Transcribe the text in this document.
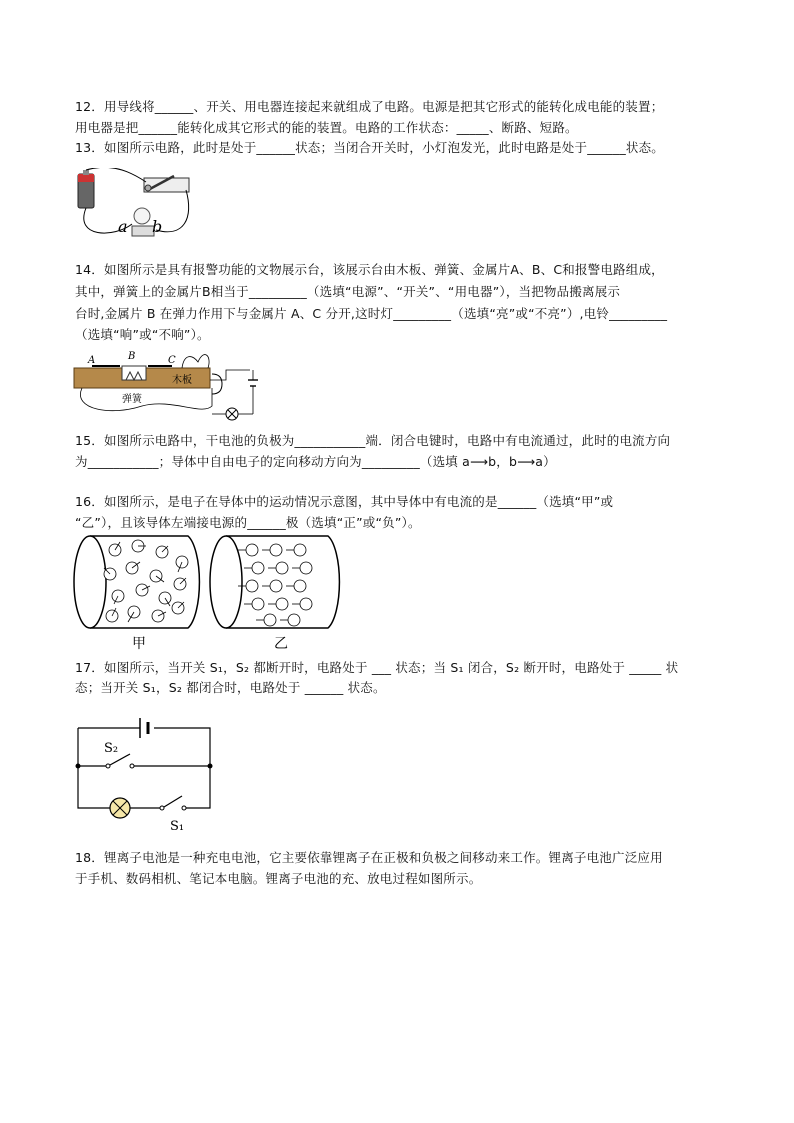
12．用导线将______、开关、用电器连接起来就组成了电路。电源是把其它形式的能转化成电能的装置；
用电器是把______能转化成其它形式的能的装置。电路的工作状态：_____、断路、短路。
13．如图所示电路，此时是处于______状态；当闭合开关时，小灯泡发光，此时电路是处于______状态。
a b
14．如图所示是具有报警功能的文物展示台，该展示台由木板、弹簧、金属片A、B、C和报警电路组成，
其中，弹簧上的金属片B相当于_________（选填“电源”、“开关”、“用电器”），当把物品搬离展示
台时,金属片 B 在弹力作用下与金属片 A、C 分开,这时灯_________（选填“亮”或“不亮”）,电铃_________
（选填“响”或“不响”）。
A	B	C
木板
弹簧
15．如图所示电路中，干电池的负极为___________端．闭合电键时，电路中有电流通过，此时的电流方向
为___________；导体中自由电子的定向移动方向为_________（选填 a⟶b，b⟶a）
16．如图所示，是电子在导体中的运动情况示意图，其中导体中有电流的是______（选填“甲”或
“乙”），且该导体左端接电源的______极（选填“正”或“负”）。
甲	乙
17．如图所示，当开关 S₁，S₂ 都断开时，电路处于 ___ 状态；当 S₁ 闭合，S₂ 断开时，电路处于 _____ 状
态；当开关 S₁，S₂ 都闭合时，电路处于 ______ 状态。
S₂
S₁
18．锂离子电池是一种充电电池，它主要依靠锂离子在正极和负极之间移动来工作。锂离子电池广泛应用
于手机、数码相机、笔记本电脑。锂离子电池的充、放电过程如图所示。
